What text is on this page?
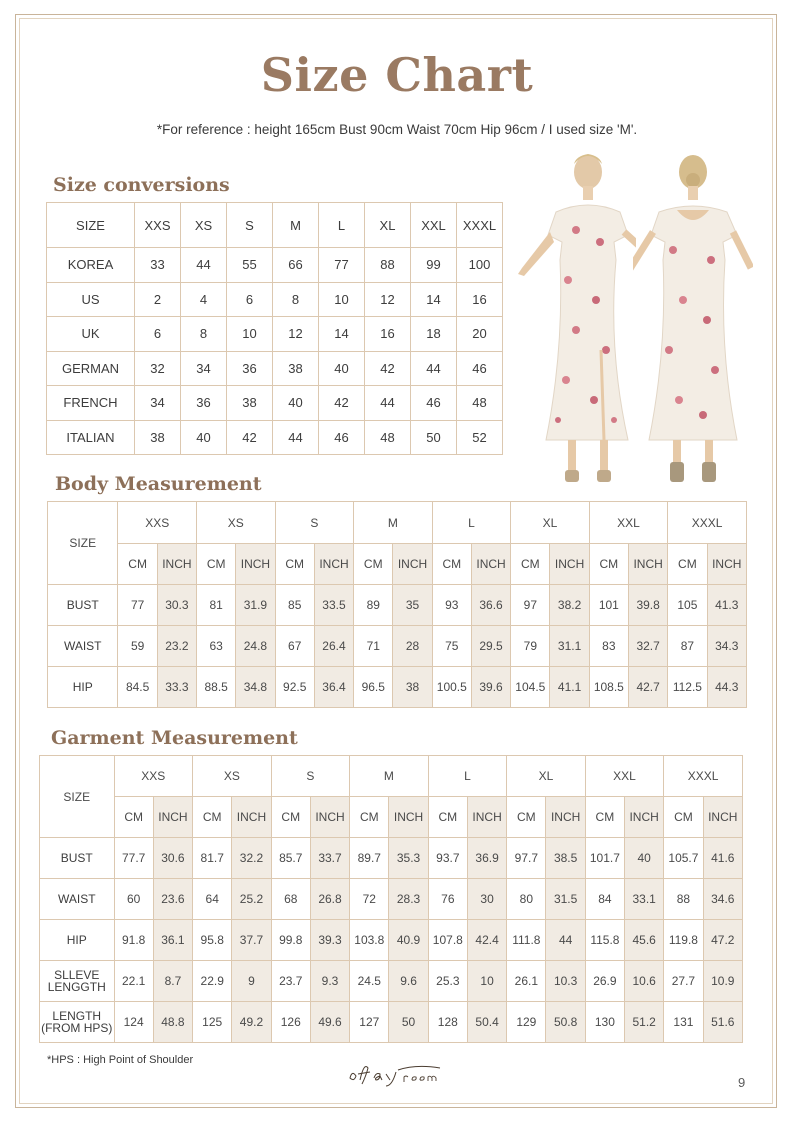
Size Chart
*For reference : height 165cm Bust 90cm Waist 70cm Hip 96cm / I used size 'M'.
Size conversions
SIZE	XXS	XS	S	M	L	XL	XXL	XXXL
KOREA	33	44	55	66	77	88	99	100
US	2	4	6	8	10	12	14	16
UK	6	8	10	12	14	16	18	20
GERMAN	32	34	36	38	40	42	44	46
FRENCH	34	36	38	40	42	44	46	48
ITALIAN	38	40	42	44	46	48	50	52
Body Measurement
SIZE	XXS		XS		S		M		L		XL		XXL		XXXL	
	CM	INCH	CM	INCH	CM	INCH	CM	INCH	CM	INCH	CM	INCH	CM	INCH	CM	INCH
BUST	77	30.3	81	31.9	85	33.5	89	35	93	36.6	97	38.2	101	39.8	105	41.3
WAIST	59	23.2	63	24.8	67	26.4	71	28	75	29.5	79	31.1	83	32.7	87	34.3
HIP	84.5	33.3	88.5	34.8	92.5	36.4	96.5	38	100.5	39.6	104.5	41.1	108.5	42.7	112.5	44.3
Garment Measurement
SIZE	XXS		XS		S		M		L		XL		XXL		XXXL	
	CM	INCH	CM	INCH	CM	INCH	CM	INCH	CM	INCH	CM	INCH	CM	INCH	CM	INCH
BUST	77.7	30.6	81.7	32.2	85.7	33.7	89.7	35.3	93.7	36.9	97.7	38.5	101.7	40	105.7	41.6
WAIST	60	23.6	64	25.2	68	26.8	72	28.3	76	30	80	31.5	84	33.1	88	34.6
HIP	91.8	36.1	95.8	37.7	99.8	39.3	103.8	40.9	107.8	42.4	111.8	44	115.8	45.6	119.8	47.2

SLLEVE
LENGGTH	22.1	8.7	22.9	9	23.7	9.3	24.5	9.6	25.3	10	26.1	10.3	26.9	10.6	27.7	10.9

LENGTH
(FROM HPS)	124	48.8	125	49.2	126	49.6	127	50	128	50.4	129	50.8	130	51.2	131	51.6
*HPS : High Point of Shoulder
9
